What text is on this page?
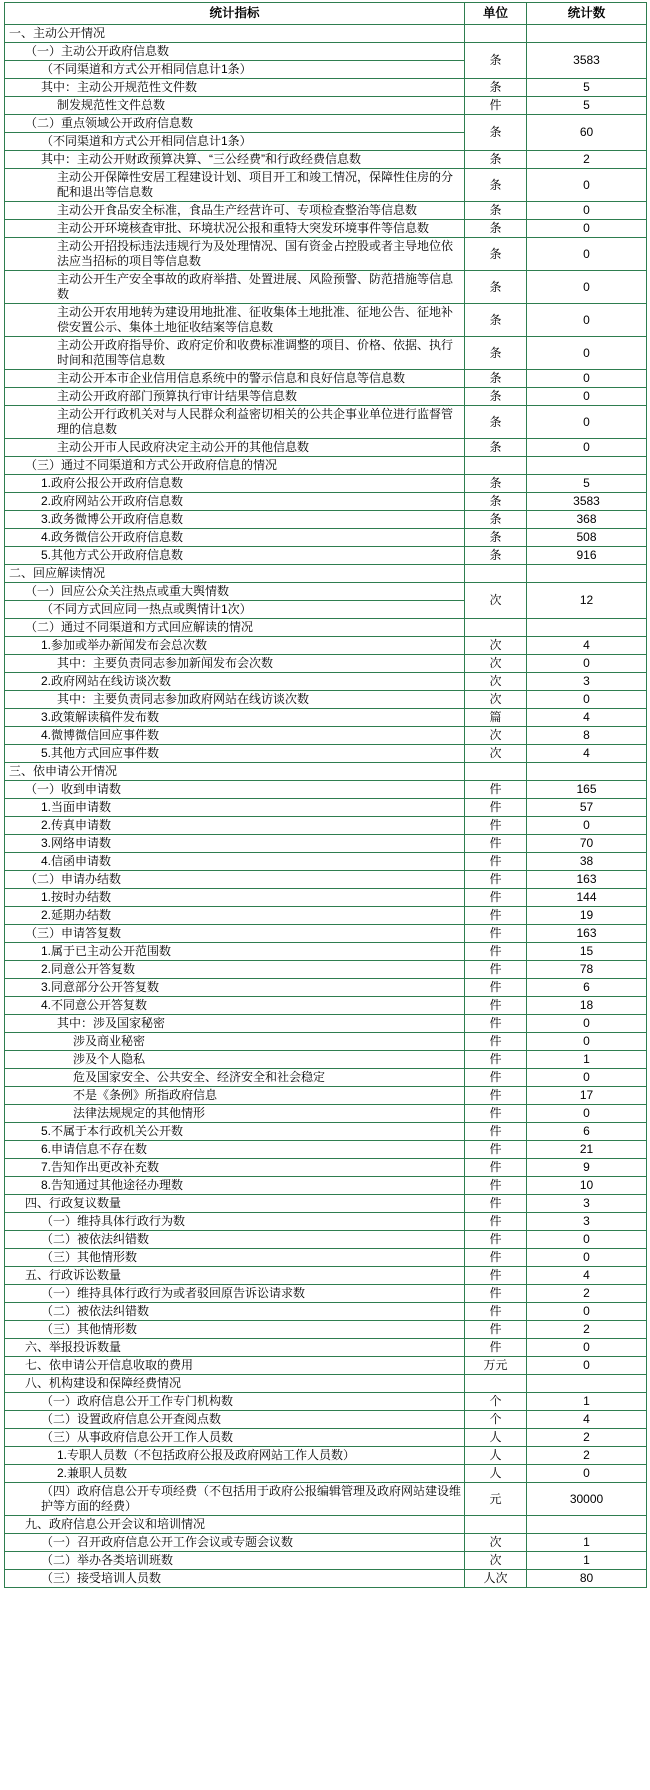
统计指标	单位	统计数
一、主动公开情况		
（一）主动公开政府信息数	条	3583
（不同渠道和方式公开相同信息计1条）		
其中：主动公开规范性文件数	条	5
制发规范性文件总数	件	5
（二）重点领域公开政府信息数	条	60
（不同渠道和方式公开相同信息计1条）		
其中：主动公开财政预算决算、“三公经费”和行政经费信息数	条	2
主动公开保障性安居工程建设计划、项目开工和竣工情况，保障性住房的分配和退出等信息数	条	0
主动公开食品安全标准，食品生产经营许可、专项检查整治等信息数	条	0
主动公开环境核查审批、环境状况公报和重特大突发环境事件等信息数	条	0
主动公开招投标违法违规行为及处理情况、国有资金占控股或者主导地位依法应当招标的项目等信息数	条	0
主动公开生产安全事故的政府举措、处置进展、风险预警、防范措施等信息数	条	0
主动公开农用地转为建设用地批准、征收集体土地批准、征地公告、征地补偿安置公示、集体土地征收结案等信息数	条	0
主动公开政府指导价、政府定价和收费标准调整的项目、价格、依据、执行时间和范围等信息数	条	0
主动公开本市企业信用信息系统中的警示信息和良好信息等信息数	条	0
主动公开政府部门预算执行审计结果等信息数	条	0
主动公开行政机关对与人民群众利益密切相关的公共企事业单位进行监督管理的信息数	条	0
主动公开市人民政府决定主动公开的其他信息数	条	0
（三）通过不同渠道和方式公开政府信息的情况		
1.政府公报公开政府信息数	条	5
2.政府网站公开政府信息数	条	3583
3.政务微博公开政府信息数	条	368
4.政务微信公开政府信息数	条	508
5.其他方式公开政府信息数	条	916
二、回应解读情况		
（一）回应公众关注热点或重大舆情数	次	12
（不同方式回应同一热点或舆情计1次）		
（二）通过不同渠道和方式回应解读的情况		
1.参加或举办新闻发布会总次数	次	4
其中：主要负责同志参加新闻发布会次数	次	0
2.政府网站在线访谈次数	次	3
其中：主要负责同志参加政府网站在线访谈次数	次	0
3.政策解读稿件发布数	篇	4
4.微博微信回应事件数	次	8
5.其他方式回应事件数	次	4
三、依申请公开情况		
（一）收到申请数	件	165
1.当面申请数	件	57
2.传真申请数	件	0
3.网络申请数	件	70
4.信函申请数	件	38
（二）申请办结数	件	163
1.按时办结数	件	144
2.延期办结数	件	19
（三）申请答复数	件	163
1.属于已主动公开范围数	件	15
2.同意公开答复数	件	78
3.同意部分公开答复数	件	6
4.不同意公开答复数	件	18
其中：涉及国家秘密	件	0
涉及商业秘密	件	0
涉及个人隐私	件	1
危及国家安全、公共安全、经济安全和社会稳定	件	0
不是《条例》所指政府信息	件	17
法律法规规定的其他情形	件	0
5.不属于本行政机关公开数	件	6
6.申请信息不存在数	件	21
7.告知作出更改补充数	件	9
8.告知通过其他途径办理数	件	10
四、行政复议数量	件	3
（一）维持具体行政行为数	件	3
（二）被依法纠错数	件	0
（三）其他情形数	件	0
五、行政诉讼数量	件	4
（一）维持具体行政行为或者驳回原告诉讼请求数	件	2
（二）被依法纠错数	件	0
（三）其他情形数	件	2
六、举报投诉数量	件	0
七、依申请公开信息收取的费用	万元	0
八、机构建设和保障经费情况		
（一）政府信息公开工作专门机构数	个	1
（二）设置政府信息公开查阅点数	个	4
（三）从事政府信息公开工作人员数	人	2
1.专职人员数（不包括政府公报及政府网站工作人员数）	人	2
2.兼职人员数	人	0
（四）政府信息公开专项经费（不包括用于政府公报编辑管理及政府网站建设维护等方面的经费）	元	30000
九、政府信息公开会议和培训情况		
（一）召开政府信息公开工作会议或专题会议数	次	1
（二）举办各类培训班数	次	1
（三）接受培训人员数	人次	80
